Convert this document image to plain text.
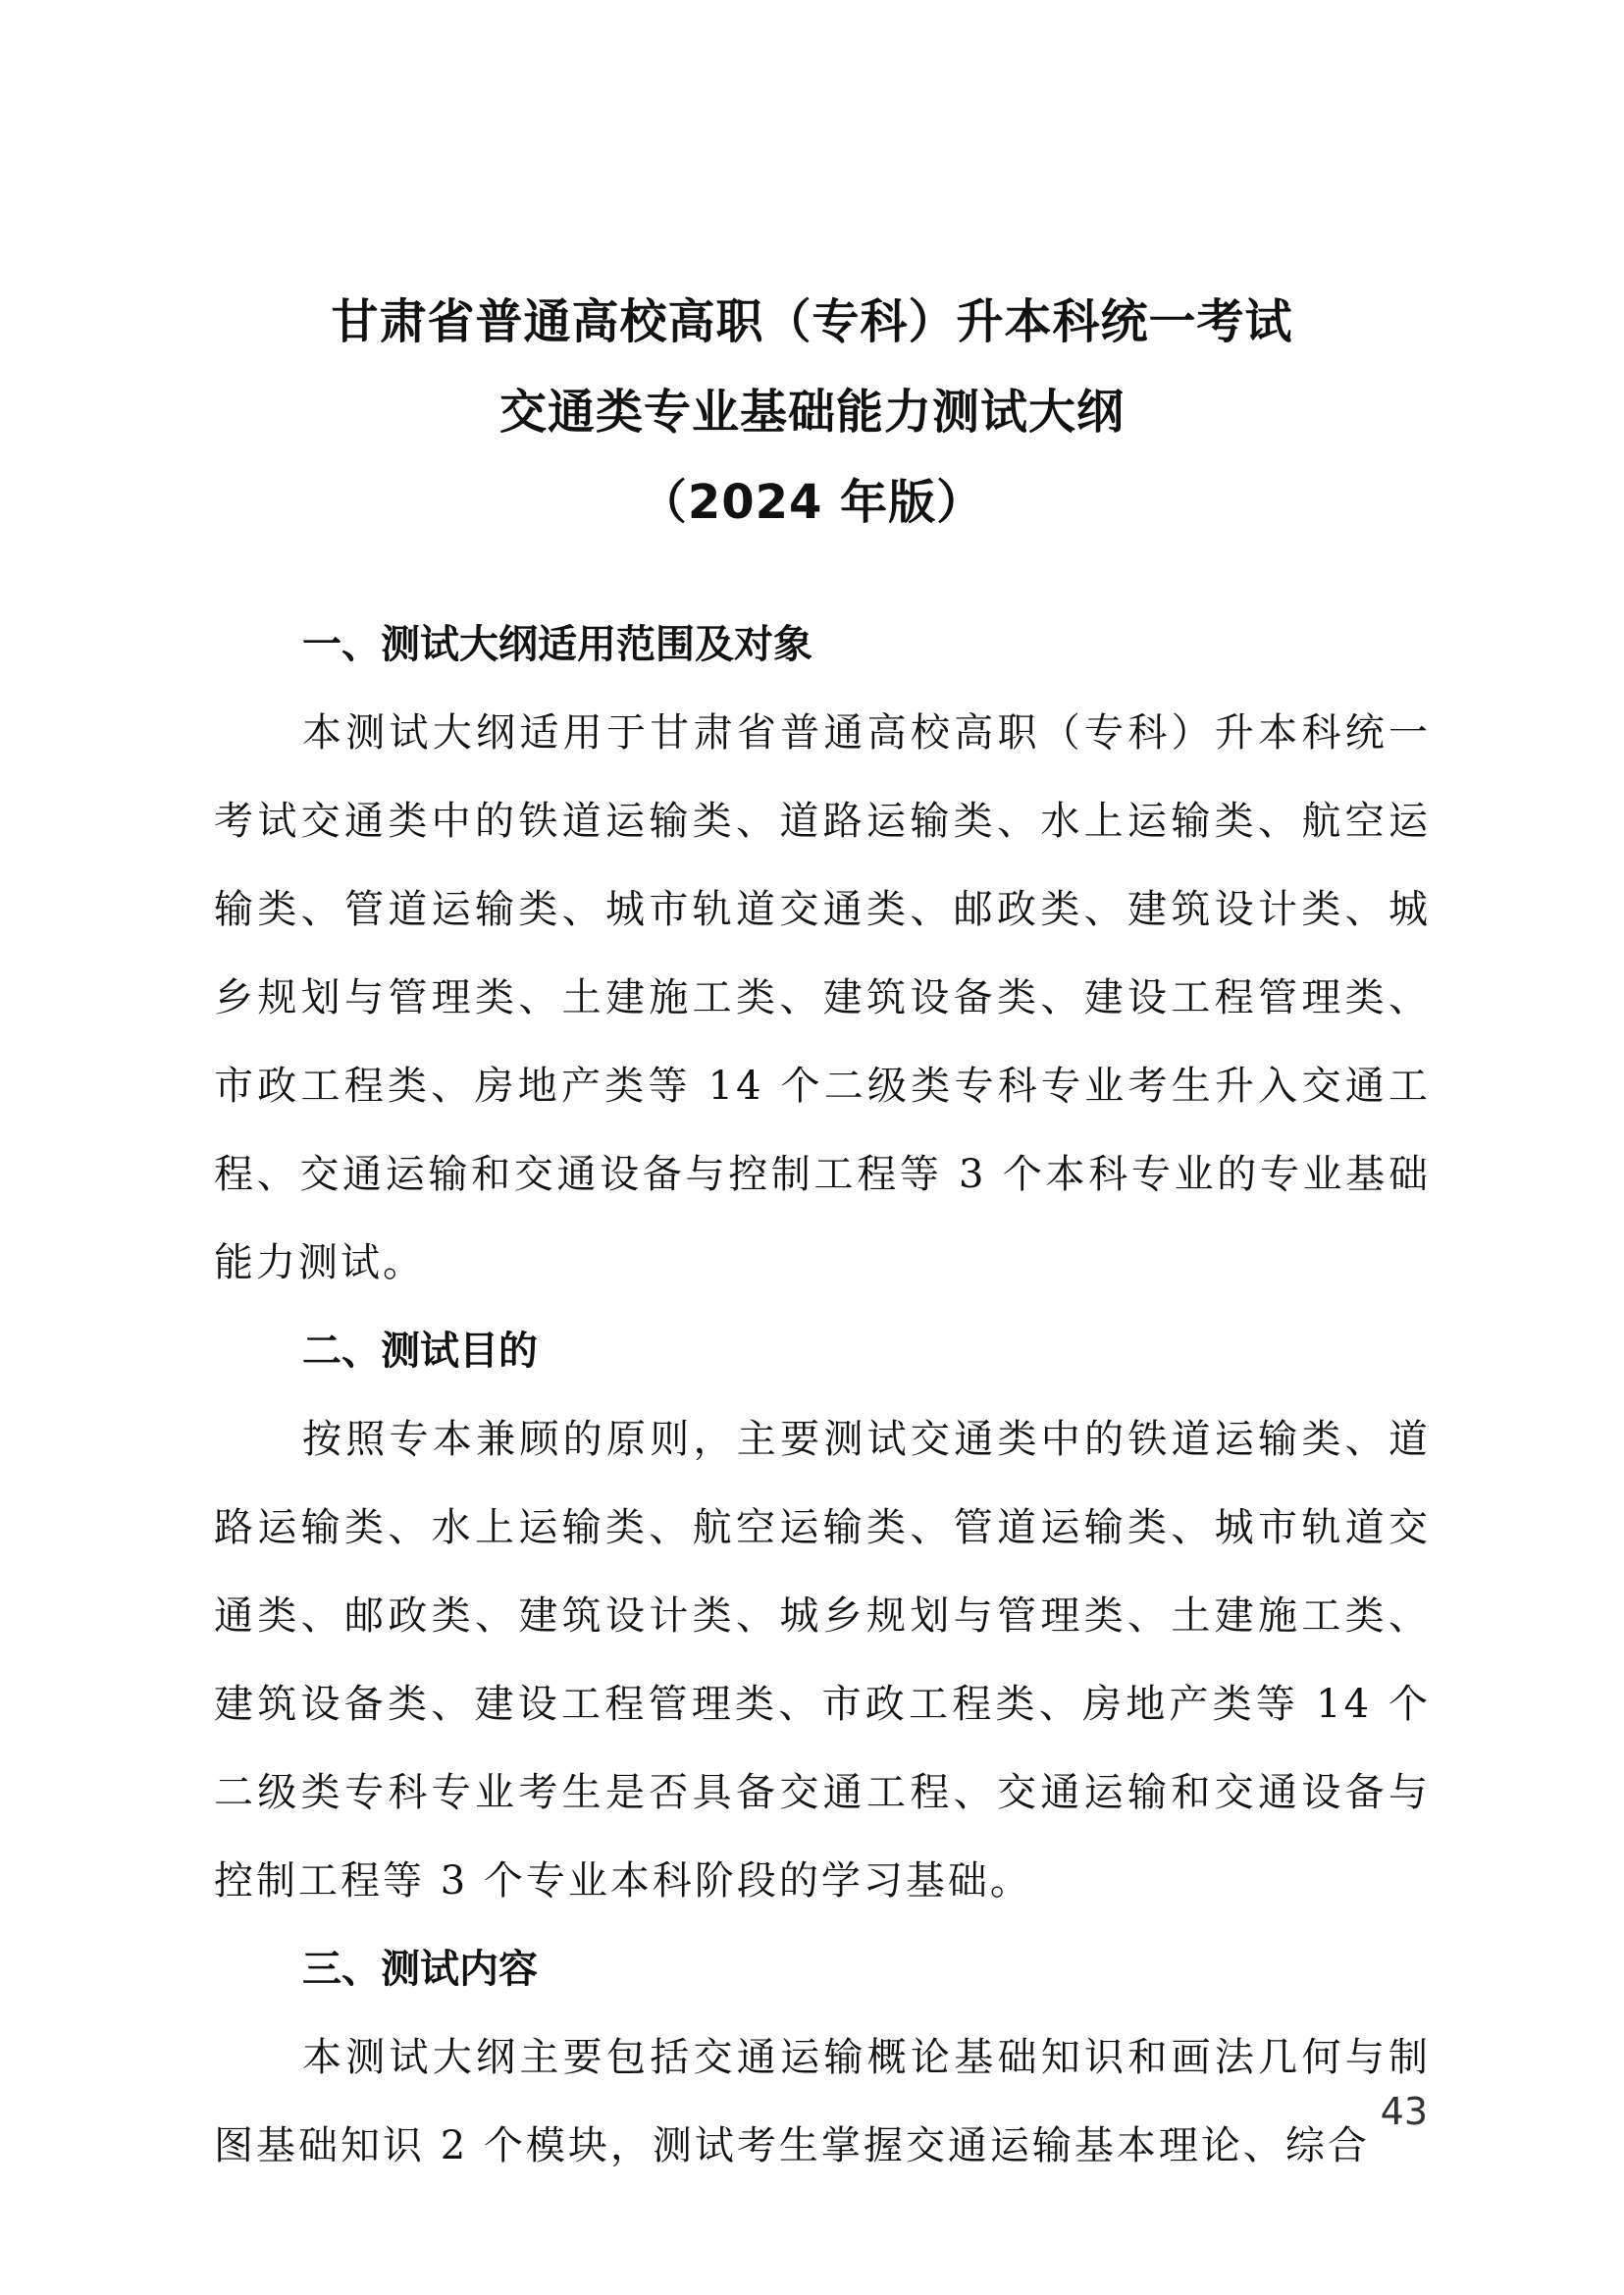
甘肃省普通高校高职（专科）升本科统一考试
交通类专业基础能力测试大纲
（2024 年版）
一、测试大纲适用范围及对象
本测试大纲适用于甘肃省普通高校高职（专科）升本科统一考试交通类中的铁道运输类、道路运输类、水上运输类、航空运输类、管道运输类、城市轨道交通类、邮政类、建筑设计类、城乡规划与管理类、土建施工类、建筑设备类、建设工程管理类、市政工程类、房地产类等 14 个二级类专科专业考生升入交通工程、交通运输和交通设备与控制工程等 3 个本科专业的专业基础能力测试。
二、测试目的
按照专本兼顾的原则，主要测试交通类中的铁道运输类、道路运输类、水上运输类、航空运输类、管道运输类、城市轨道交通类、邮政类、建筑设计类、城乡规划与管理类、土建施工类、建筑设备类、建设工程管理类、市政工程类、房地产类等 14 个二级类专科专业考生是否具备交通工程、交通运输和交通设备与控制工程等 3 个专业本科阶段的学习基础。
三、测试内容
本测试大纲主要包括交通运输概论基础知识和画法几何与制图基础知识 2 个模块，测试考生掌握交通运输基本理论、综合
43
